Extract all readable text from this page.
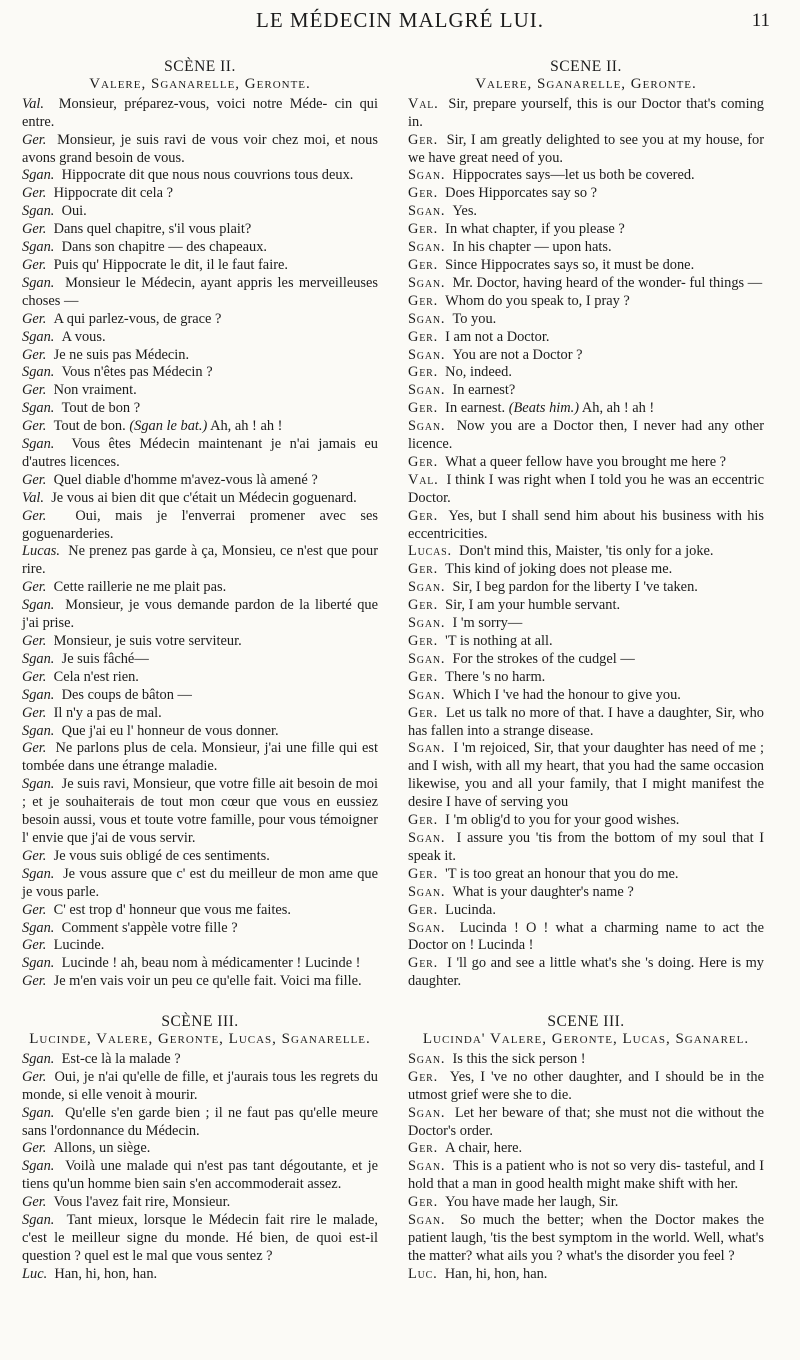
LE MÉDECIN MALGRÉ LUI.	11
SCÈNE II.
Valere, Sganarelle, Geronte.

Val. Monsieur, préparez-vous, voici notre Méde- cin qui entre.

Ger. Monsieur, je suis ravi de vous voir chez moi, et nous avons grand besoin de vous.

Sgan. Hippocrate dit que nous nous couvrions tous deux.

Ger. Hippocrate dit cela ?

Sgan. Oui.

Ger. Dans quel chapitre, s'il vous plait?

Sgan. Dans son chapitre — des chapeaux.

Ger. Puis qu' Hippocrate le dit, il le faut faire.

Sgan. Monsieur le Médecin, ayant appris les merveilleuses choses —

Ger. A qui parlez-vous, de grace ?

Sgan. A vous.

Ger. Je ne suis pas Médecin.

Sgan. Vous n'êtes pas Médecin ?

Ger. Non vraiment.

Sgan. Tout de bon ?

Ger. Tout de bon. (Sgan le bat.) Ah, ah ! ah !

Sgan. Vous êtes Médecin maintenant je n'ai jamais eu d'autres licences.

Ger. Quel diable d'homme m'avez-vous là amené ?

Val. Je vous ai bien dit que c'était un Médecin goguenard.

Ger. Oui, mais je l'enverrai promener avec ses goguenarderies.

Lucas. Ne prenez pas garde à ça, Monsieu, ce n'est que pour rire.

Ger. Cette raillerie ne me plait pas.

Sgan. Monsieur, je vous demande pardon de la liberté que j'ai prise.

Ger. Monsieur, je suis votre serviteur.

Sgan. Je suis fâché—

Ger. Cela n'est rien.

Sgan. Des coups de bâton —

Ger. Il n'y a pas de mal.

Sgan. Que j'ai eu l' honneur de vous donner.

Ger. Ne parlons plus de cela. Monsieur, j'ai une fille qui est tombée dans une étrange maladie.

Sgan. Je suis ravi, Monsieur, que votre fille ait besoin de moi ; et je souhaiterais de tout mon cœur que vous en eussiez besoin aussi, vous et toute votre famille, pour vous témoigner l' envie que j'ai de vous servir.

Ger. Je vous suis obligé de ces sentiments.

Sgan. Je vous assure que c' est du meilleur de mon ame que je vous parle.

Ger. C' est trop d' honneur que vous me faites.

Sgan. Comment s'appèle votre fille ?

Ger. Lucinde.

Sgan. Lucinde ! ah, beau nom à médicamenter ! Lucinde !

Ger. Je m'en vais voir un peu ce qu'elle fait. Voici ma fille.

SCÈNE III.
Lucinde, Valere, Geronte, Lucas, Sganarelle.

Sgan. Est-ce là la malade ?

Ger. Oui, je n'ai qu'elle de fille, et j'aurais tous les regrets du monde, si elle venoit à mourir.

Sgan. Qu'elle s'en garde bien ; il ne faut pas qu'elle meure sans l'ordonnance du Médecin.

Ger. Allons, un siège.

Sgan. Voilà une malade qui n'est pas tant dégoutante, et je tiens qu'un homme bien sain s'en accommoderait assez.

Ger. Vous l'avez fait rire, Monsieur.

Sgan. Tant mieux, lorsque le Médecin fait rire le malade, c'est le meilleur signe du monde. Hé bien, de quoi est-il question ? quel est le mal que vous sentez ?

Luc. Han, hi, hon, han.

SCENE II.
Valere, Sganarelle, Geronte.

Val. Sir, prepare yourself, this is our Doctor that's coming in.

Ger. Sir, I am greatly delighted to see you at my house, for we have great need of you.

Sgan. Hippocrates says—let us both be covered.

Ger. Does Hipporcates say so ?

Sgan. Yes.

Ger. In what chapter, if you please ?

Sgan. In his chapter — upon hats.

Ger. Since Hippocrates says so, it must be done.

Sgan. Mr. Doctor, having heard of the wonder- ful things —

Ger. Whom do you speak to, I pray ?

Sgan. To you.

Ger. I am not a Doctor.

Sgan. You are not a Doctor ?

Ger. No, indeed.

Sgan. In earnest?

Ger. In earnest. (Beats him.) Ah, ah ! ah !

Sgan. Now you are a Doctor then, I never had any other licence.

Ger. What a queer fellow have you brought me here ?

Val. I think I was right when I told you he was an eccentric Doctor.

Ger. Yes, but I shall send him about his business with his eccentricities.

Lucas. Don't mind this, Maister, 'tis only for a joke.

Ger. This kind of joking does not please me.

Sgan. Sir, I beg pardon for the liberty I 've taken.

Ger. Sir, I am your humble servant.

Sgan. I 'm sorry—

Ger. 'T is nothing at all.

Sgan. For the strokes of the cudgel —

Ger. There 's no harm.

Sgan. Which I 've had the honour to give you.

Ger. Let us talk no more of that. I have a daughter, Sir, who has fallen into a strange disease.

Sgan. I 'm rejoiced, Sir, that your daughter has need of me ; and I wish, with all my heart, that you had the same occasion likewise, you and all your family, that I might manifest the desire I have of serving you

Ger. I 'm oblig'd to you for your good wishes.

Sgan. I assure you 'tis from the bottom of my soul that I speak it.

Ger. 'T is too great an honour that you do me.

Sgan. What is your daughter's name ?

Ger. Lucinda.

Sgan. Lucinda ! O ! what a charming name to act the Doctor on ! Lucinda !

Ger. I 'll go and see a little what's she 's doing. Here is my daughter.

SCENE III.
Lucinda' Valere, Geronte, Lucas, Sganarel.

Sgan. Is this the sick person !

Ger. Yes, I 've no other daughter, and I should be in the utmost grief were she to die.

Sgan. Let her beware of that; she must not die without the Doctor's order.

Ger. A chair, here.

Sgan. This is a patient who is not so very dis- tasteful, and I hold that a man in good health might make shift with her.

Ger. You have made her laugh, Sir.

Sgan. So much the better; when the Doctor makes the patient laugh, 'tis the best symptom in the world. Well, what's the matter? what ails you ? what's the disorder you feel ?

Luc. Han, hi, hon, han.
